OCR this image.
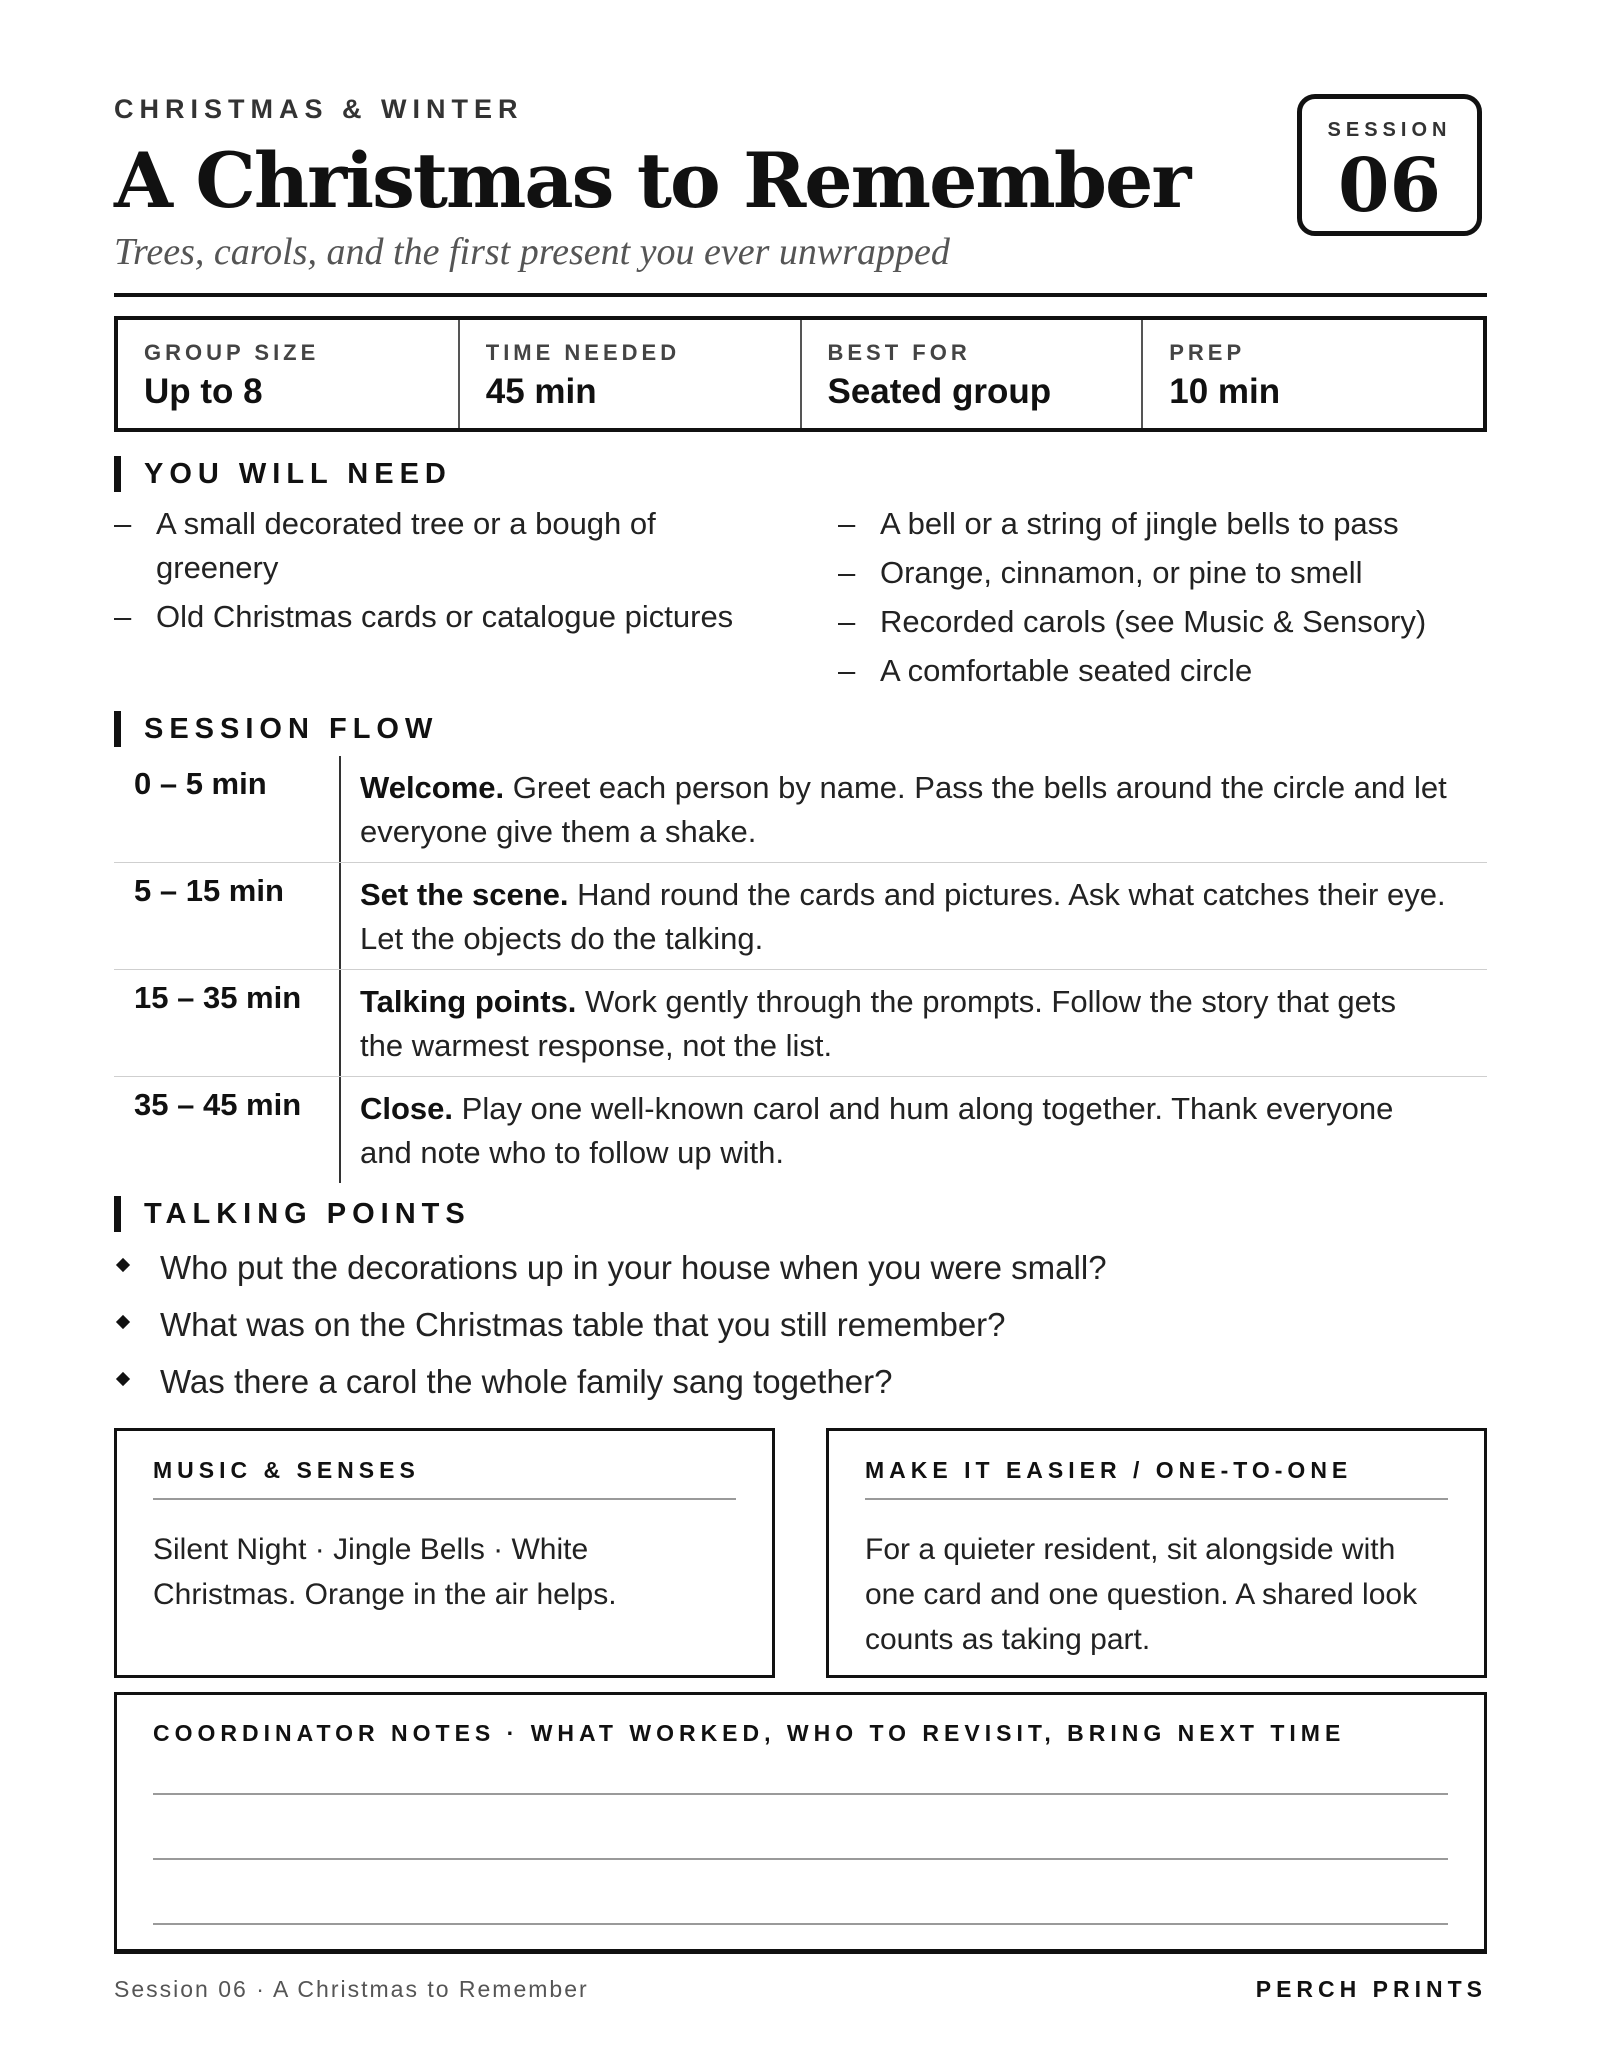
CHRISTMAS & WINTER
A Christmas to Remember
Trees, carols, and the first present you ever unwrapped
SESSION
06
GROUP SIZE
Up to 8
TIME NEEDED
45 min
BEST FOR
Seated group
PREP
10 min
YOU WILL NEED
– A small decorated tree or a bough of greenery
– Old Christmas cards or catalogue pictures
– A bell or a string of jingle bells to pass
– Orange, cinnamon, or pine to smell
– Recorded carols (see Music & Sensory)
– A comfortable seated circle
SESSION FLOW
0 – 5 min	Welcome. Greet each person by name. Pass the bells around the circle and let everyone give them a shake.
5 – 15 min Set the scene. Hand round the cards and pictures. Ask what catches their eye. Let the objects do the talking.
15 – 35 min Talking points. Work gently through the prompts. Follow the story that gets the warmest response, not the list.
35 – 45 min Close. Play one well-known carol and hum along together. Thank everyone and note who to follow up with.
TALKING POINTS
Who put the decorations up in your house when you were small?
What was on the Christmas table that you still remember?
Was there a carol the whole family sang together?
MUSIC & SENSES
Silent Night · Jingle Bells · White Christmas. Orange in the air helps.
MAKE IT EASIER / ONE-TO-ONE
For a quieter resident, sit alongside with one card and one question. A shared look counts as taking part.
COORDINATOR NOTES · WHAT WORKED, WHO TO REVISIT, BRING NEXT TIME
Session 06 · A Christmas to Remember	PERCH PRINTS
